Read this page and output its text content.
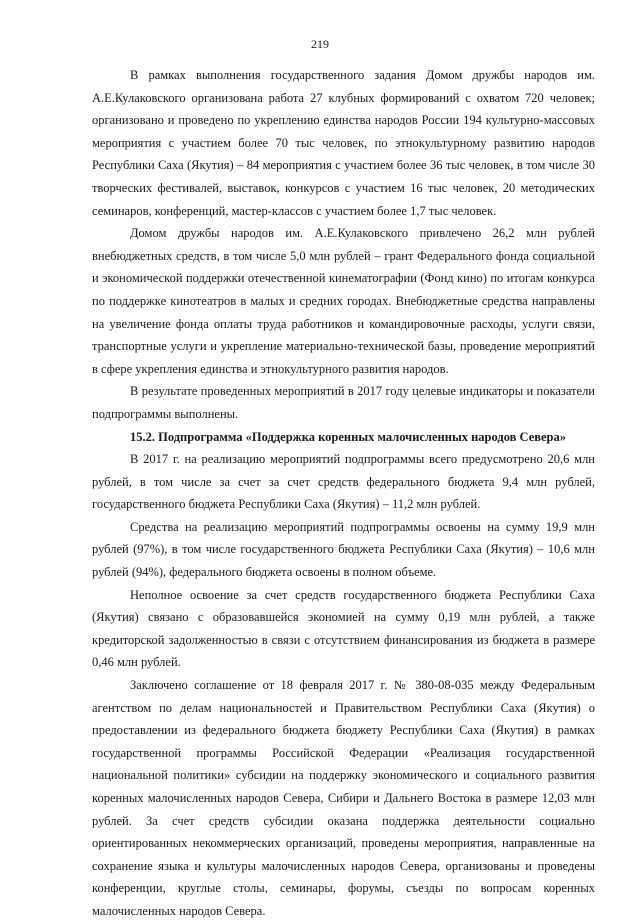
219

В рамках выполнения государственного задания Домом дружбы народов им. А.Е.Кулаковского организована работа 27 клубных формирований с охватом 720 человек; организовано и проведено по укреплению единства народов России 194 культурно-массовых мероприятия с участием более 70 тыс человек, по этнокультурному развитию народов Республики Саха (Якутия) – 84 мероприятия с участием более 36 тыс человек, в том числе 30 творческих фестивалей, выставок, конкурсов с участием 16 тыс человек, 20 методических семинаров, конференций, мастер-классов с участием более 1,7 тыс человек.

Домом дружбы народов им. А.Е.Кулаковского привлечено 26,2 млн рублей внебюджетных средств, в том числе 5,0 млн рублей – грант Федерального фонда социальной и экономической поддержки отечественной кинематографии (Фонд кино) по итогам конкурса по поддержке кинотеатров в малых и средних городах. Внебюджетные средства направлены на увеличение фонда оплаты труда работников и командировочные расходы, услуги связи, транспортные услуги и укрепление материально-технической базы, проведение мероприятий в сфере укрепления единства и этнокультурного развития народов.

В результате проведенных мероприятий в 2017 году целевые индикаторы и показатели подпрограммы выполнены.

15.2. Подпрограмма «Поддержка коренных малочисленных народов Севера»

В 2017 г. на реализацию мероприятий подпрограммы всего предусмотрено 20,6 млн рублей, в том числе за счет за счет средств федерального бюджета 9,4 млн рублей, государственного бюджета Республики Саха (Якутия) – 11,2 млн рублей.

Средства на реализацию мероприятий подпрограммы освоены на сумму 19,9 млн рублей (97%), в том числе государственного бюджета Республики Саха (Якутия) – 10,6 млн рублей (94%), федерального бюджета освоены в полном объеме.

Неполное освоение за счет средств государственного бюджета Республики Саха (Якутия) связано с образовавшейся экономией на сумму 0,19 млн рублей, а также кредиторской задолженностью в связи с отсутствием финансирования из бюджета в размере 0,46 млн рублей.

Заключено соглашение от 18 февраля 2017 г. № 380-08-035 между Федеральным агентством по делам национальностей и Правительством Республики Саха (Якутия) о предоставлении из федерального бюджета бюджету Республики Саха (Якутия) в рамках государственной программы Российской Федерации «Реализация государственной национальной политики» субсидии на поддержку экономического и социального развития коренных малочисленных народов Севера, Сибири и Дальнего Востока в размере 12,03 млн рублей. За счет средств субсидии оказана поддержка деятельности социально ориентированных некоммерческих организаций, проведены мероприятия, направленные на сохранение языка и культуры малочисленных народов Севера, организованы и проведены конференции, круглые столы, семинары, форумы, съезды по вопросам коренных малочисленных народов Севера.
